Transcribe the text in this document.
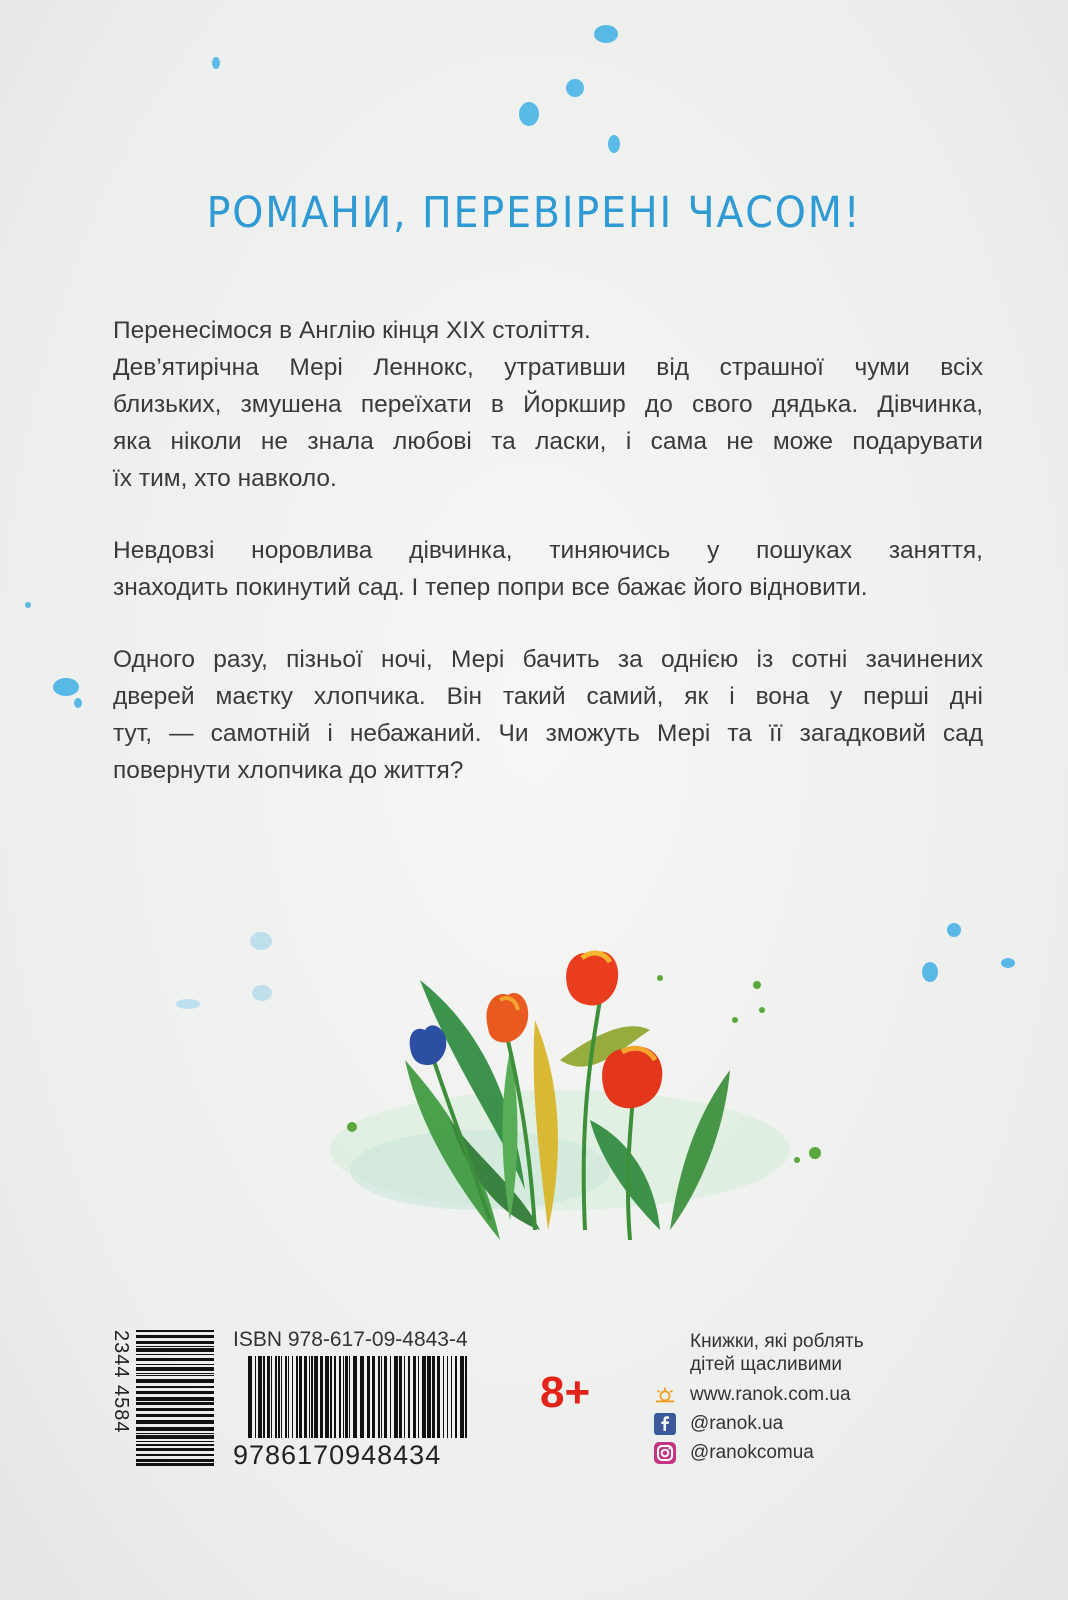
РОМАНИ, ПЕРЕВІРЕНІ ЧАСОМ!

Перенесімося в Англію кінця XIX століття.

Дев’ятирічна Мері Леннокс, утративши від страшної чуми всіх
близьких, змушена переїхати в Йоркшир до свого дядька. Дівчинка,
яка ніколи не знала любові та ласки, і сама не може подарувати
їх тим, хто навколо.

Невдовзі норовлива дівчинка, тиняючись у пошуках заняття,
знаходить покинутий сад. І тепер попри все бажає його відновити.

Одного разу, пізньої ночі, Мері бачить за однією із сотні зачинених
дверей маєтку хлопчика. Він такий самий, як і вона у перші дні
тут, — самотній і небажаний. Чи зможуть Мері та її загадковий сад
повернути хлопчика до життя?

2344 4584	ISBN 978-617-09-4843-4
9786170948434
8+
Книжки, які роблять
дітей щасливими
www.ranok.com.ua
@ranok.ua
@ranokcomua
